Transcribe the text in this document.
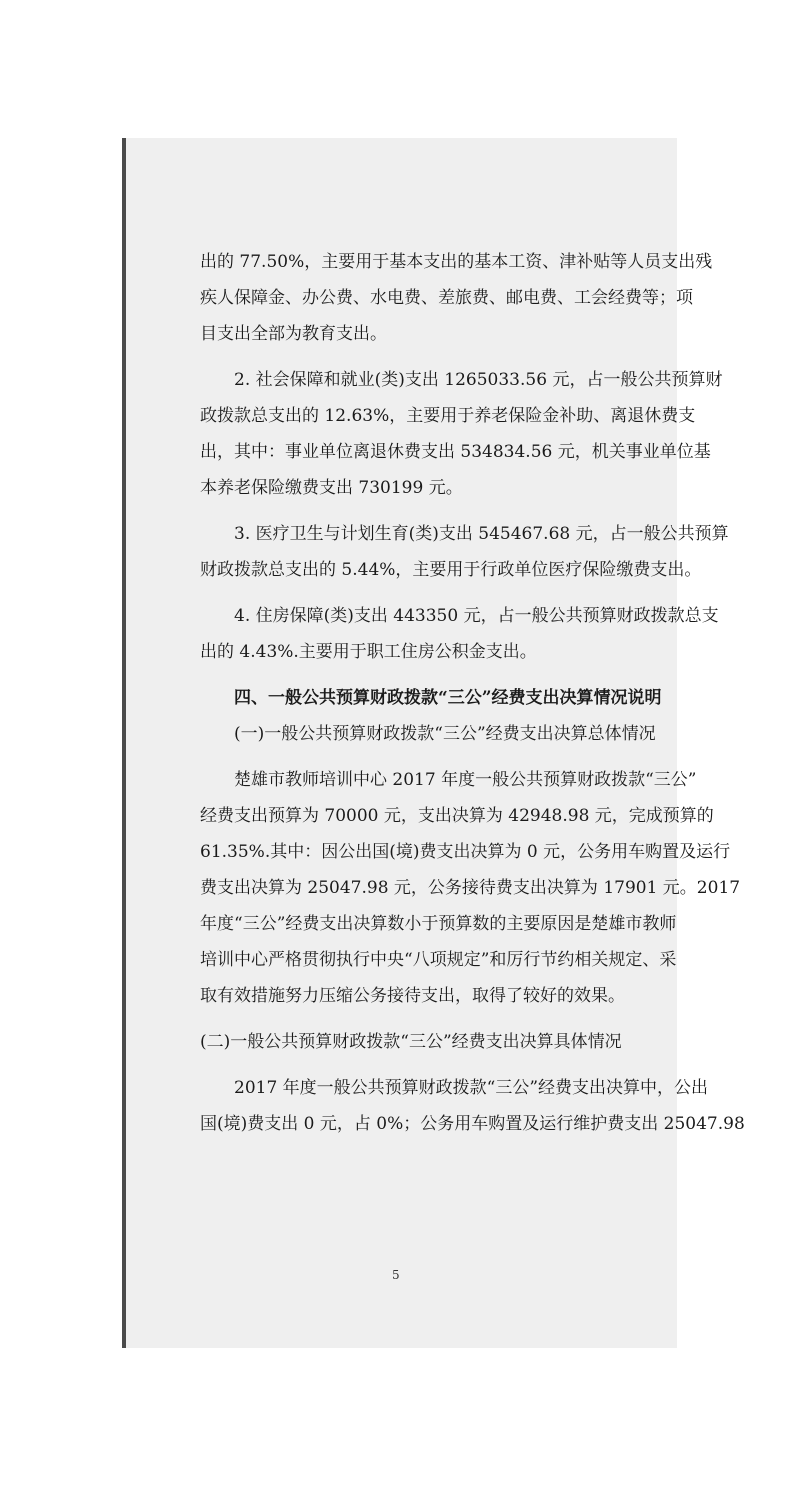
出的 77.50%，主要用于基本支出的基本工资、津补贴等人员支出残
疾人保障金、办公费、水电费、差旅费、邮电费、工会经费等；项
目支出全部为教育支出。
2. 社会保障和就业(类)支出 1265033.56 元，占一般公共预算财
政拨款总支出的 12.63%，主要用于养老保险金补助、离退休费支
出，其中：事业单位离退休费支出 534834.56 元，机关事业单位基
本养老保险缴费支出 730199 元。
3. 医疗卫生与计划生育(类)支出 545467.68 元，占一般公共预算
财政拨款总支出的 5.44%，主要用于行政单位医疗保险缴费支出。
4. 住房保障(类)支出 443350 元，占一般公共预算财政拨款总支
出的 4.43%.主要用于职工住房公积金支出。
四、一般公共预算财政拨款“三公”经费支出决算情况说明
(一)一般公共预算财政拨款“三公”经费支出决算总体情况
楚雄市教师培训中心 2017 年度一般公共预算财政拨款“三公”
经费支出预算为 70000 元，支出决算为 42948.98 元，完成预算的
61.35%.其中：因公出国(境)费支出决算为 0 元，公务用车购置及运行
费支出决算为 25047.98 元，公务接待费支出决算为 17901 元。2017
年度“三公”经费支出决算数小于预算数的主要原因是楚雄市教师
培训中心严格贯彻执行中央“八项规定”和厉行节约相关规定、采
取有效措施努力压缩公务接待支出，取得了较好的效果。
(二)一般公共预算财政拨款“三公”经费支出决算具体情况
2017 年度一般公共预算财政拨款“三公”经费支出决算中，公出
国(境)费支出 0 元，占 0%；公务用车购置及运行维护费支出 25047.98
5
